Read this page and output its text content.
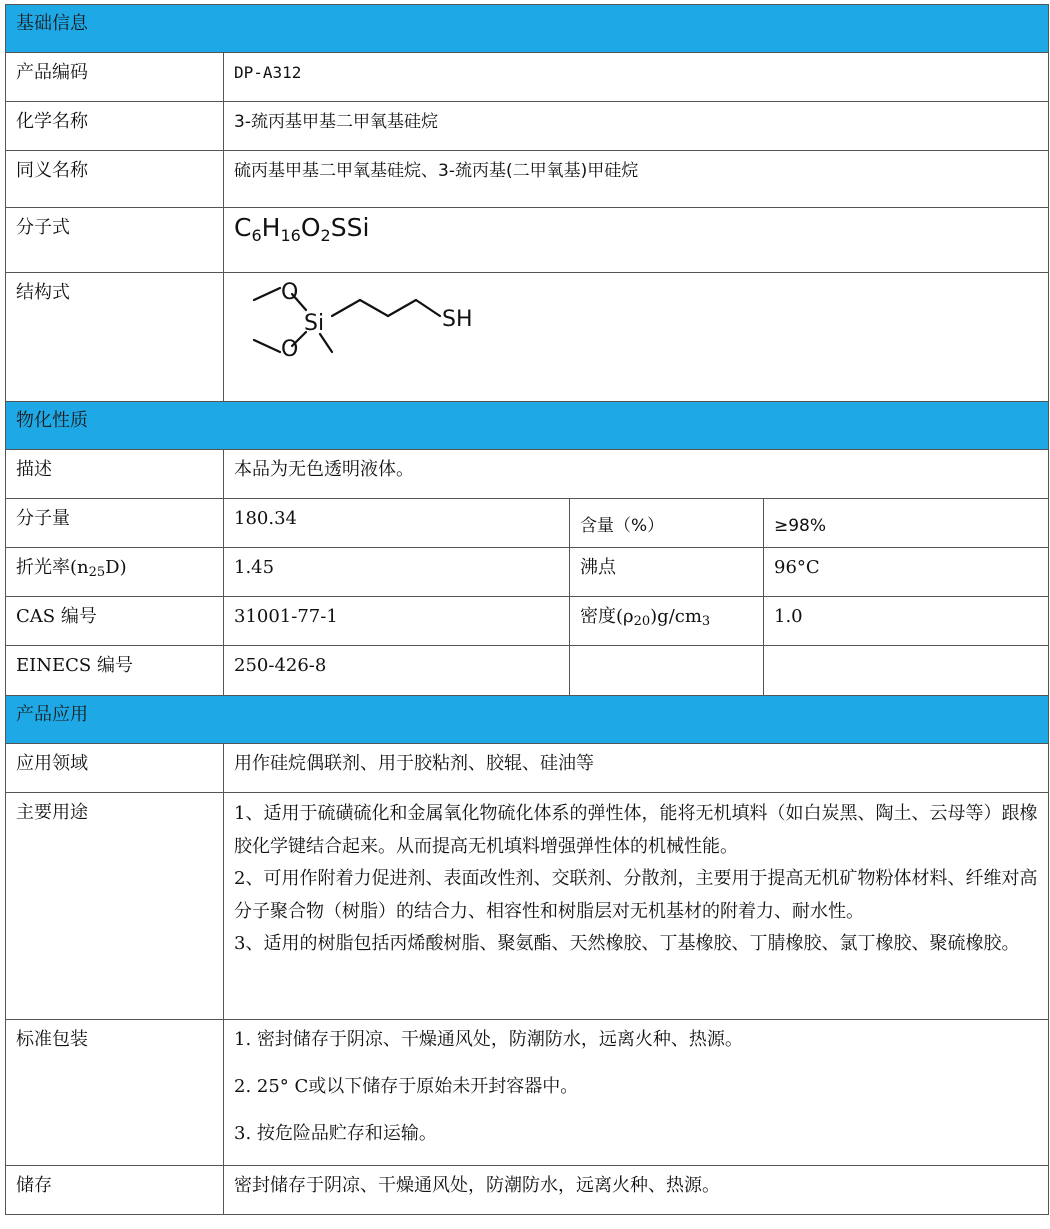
基础信息			
产品编码	DP-A312		
化学名称	3-巯丙基甲基二甲氧基硅烷		
同义名称	硫丙基甲基二甲氧基硅烷、3-巯丙基(二甲氧基)甲硅烷		
分子式	$C_6H_{16}O_2SSi$		
结构式	O
Si
O
SH		

物化性质			
描述	本品为无色透明液体。		
分子量	180.34	含量（%）	≥98%
折光率(n25D)	1.45	沸点	96°C
CAS 编号	31001-77-1	密度(ρ20)g/cm3	1.0
EINECS 编号	250-426-8		
产品应用			
应用领域	用作硅烷偶联剂、用于胶粘剂、胶辊、硅油等		
主要用途	1、适用于硫磺硫化和金属氧化物硫化体系的弹性体，能将无机填料（如白炭黑、陶土、云母等）跟橡胶化学键结合起来。从而提高无机填料增强弹性体的机械性能。
2、可用作附着力促进剂、表面改性剂、交联剂、分散剂，主要用于提高无机矿物粉体材料、纤维对高分子聚合物（树脂）的结合力、相容性和树脂层对无机基材的附着力、耐水性。
3、适用的树脂包括丙烯酸树脂、聚氨酯、天然橡胶、丁基橡胶、丁腈橡胶、氯丁橡胶、聚硫橡胶。		

标准包装	1. 密封储存于阴凉、干燥通风处，防潮防水，远离火种、热源。
2. 25° C或以下储存于原始未开封容器中。
3. 按危险品贮存和运输。		

储存	密封储存于阴凉、干燥通风处，防潮防水，远离火种、热源。		
